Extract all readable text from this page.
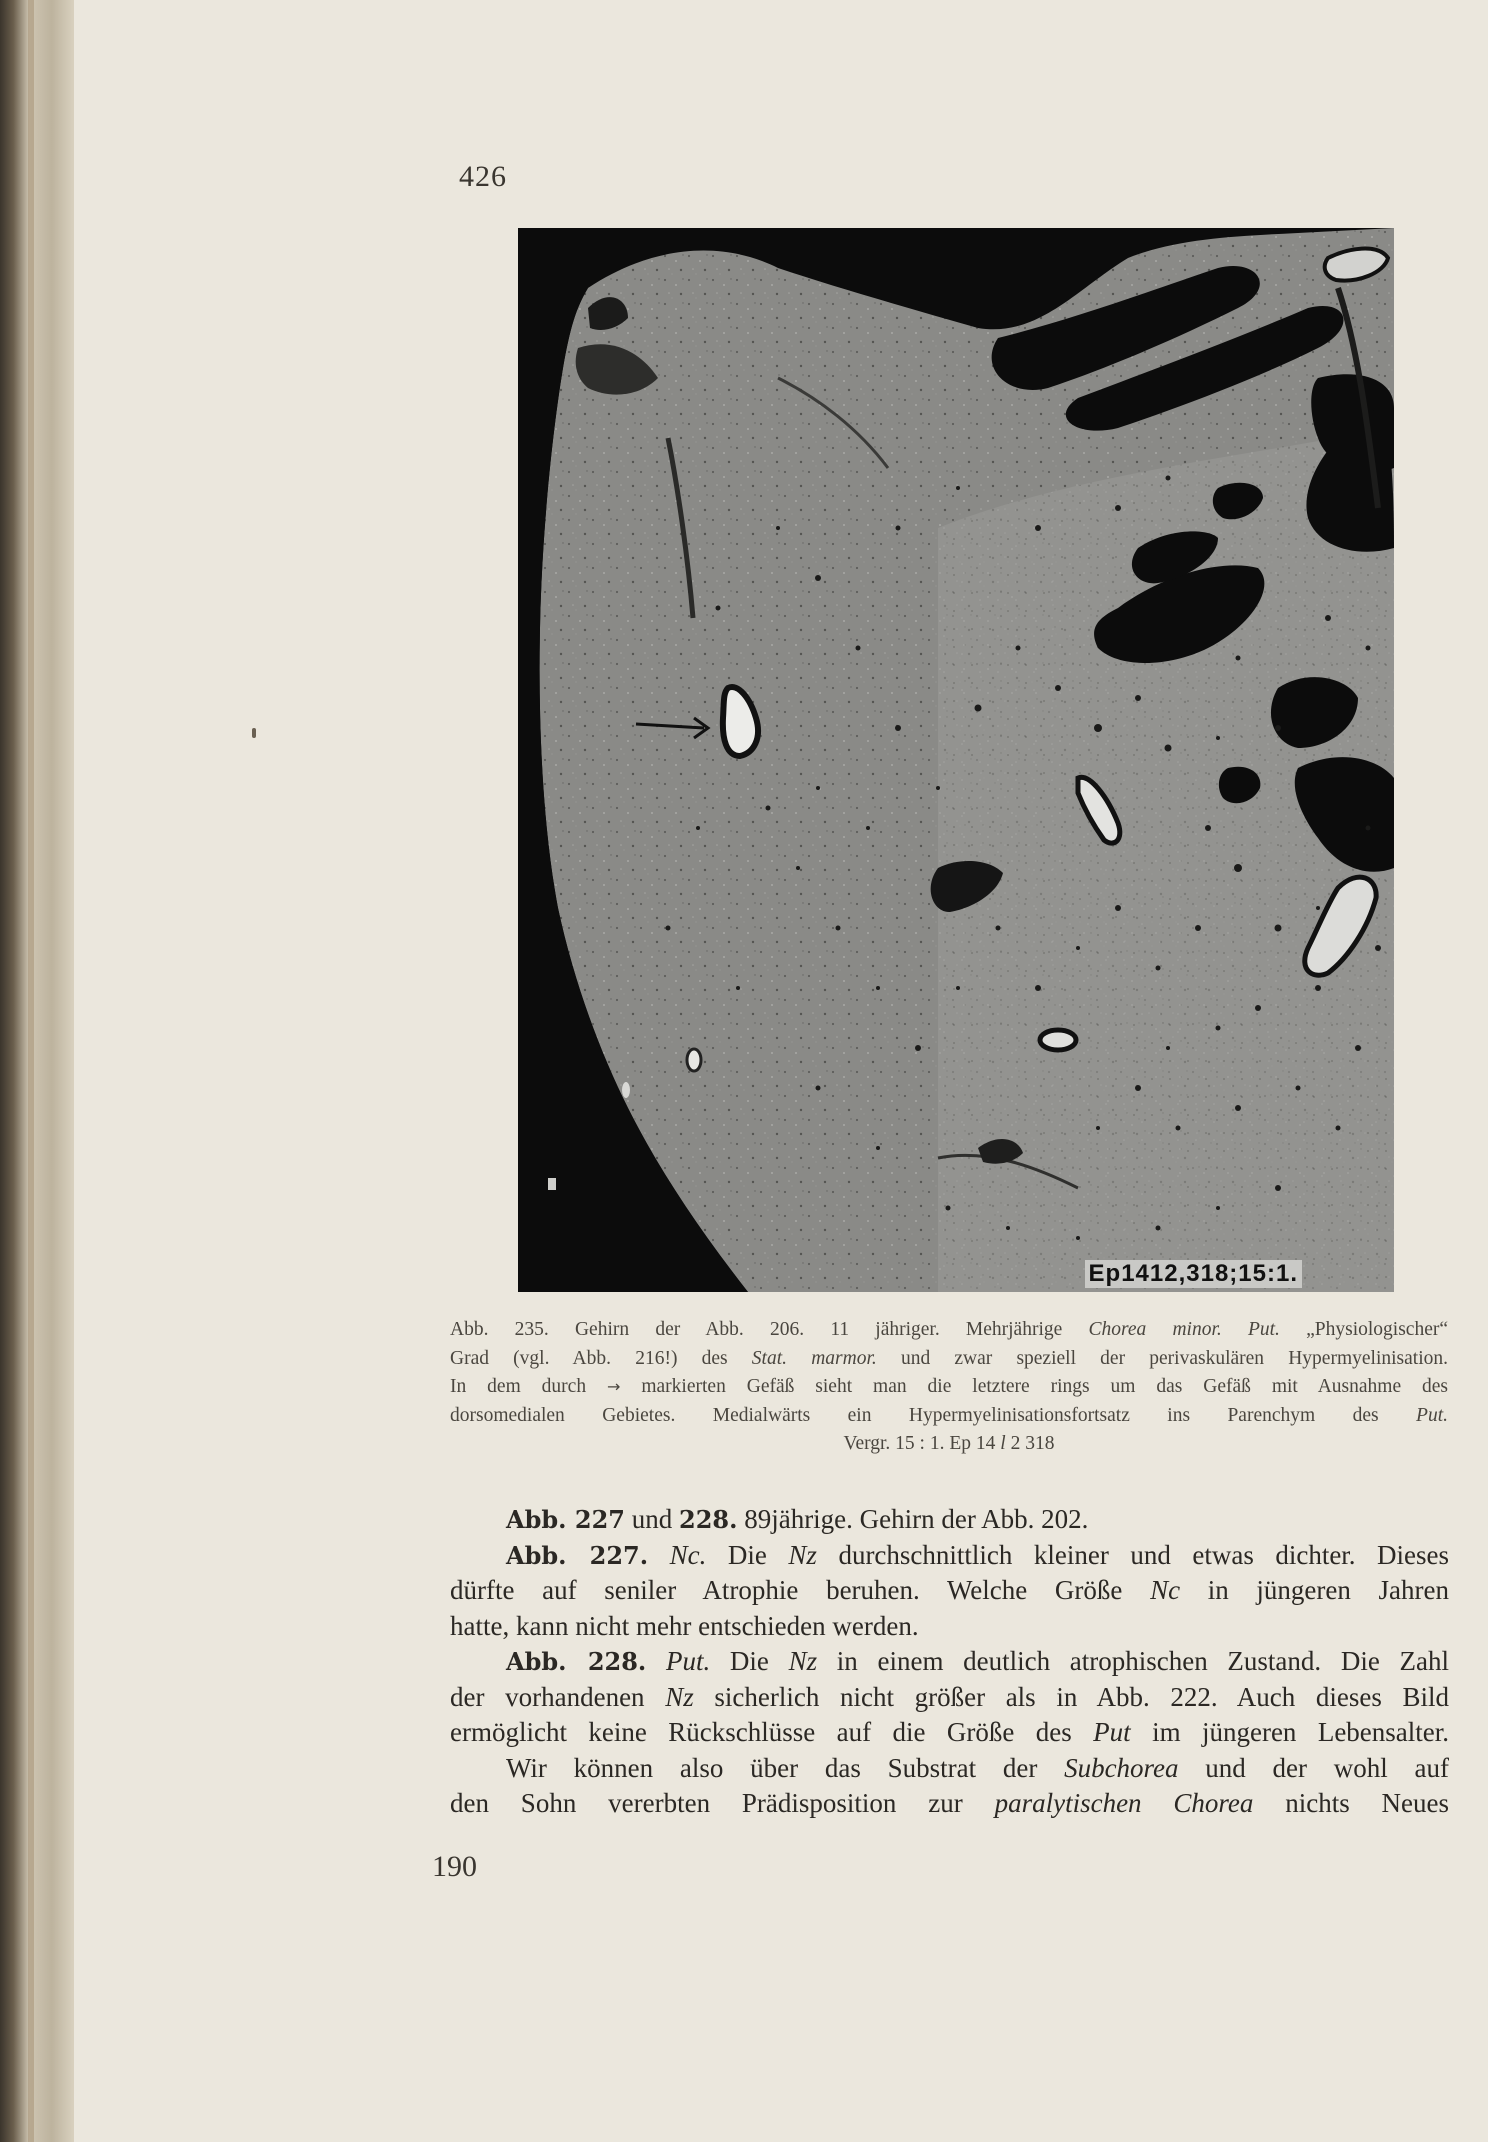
426
Ep1412,318;15:1.
Abb. 235. Gehirn der Abb. 206. 11 jähriger. Mehrjährige Chorea minor. Put. „Physiologischer“
Grad (vgl. Abb. 216!) des Stat. marmor. und zwar speziell der perivaskulären Hypermyelinisation.
In dem durch → markierten Gefäß sieht man die letztere rings um das Gefäß mit Ausnahme des
dorsomedialen Gebietes. Medialwärts ein Hypermyelinisationsfortsatz ins Parenchym des Put.
Vergr. 15 : 1. Ep 14 l 2 318
Abb. 227 und 228. 89jährige. Gehirn der Abb. 202.
Abb. 227. Nc. Die Nz durchschnittlich kleiner und etwas dichter. Dieses
dürfte auf seniler Atrophie beruhen. Welche Größe Nc in jüngeren Jahren
hatte, kann nicht mehr entschieden werden.
Abb. 228. Put. Die Nz in einem deutlich atrophischen Zustand. Die Zahl
der vorhandenen Nz sicherlich nicht größer als in Abb. 222. Auch dieses Bild
ermöglicht keine Rückschlüsse auf die Größe des Put im jüngeren Lebensalter.
Wir können also über das Substrat der Subchorea und der wohl auf
den Sohn vererbten Prädisposition zur paralytischen Chorea nichts Neues
190
